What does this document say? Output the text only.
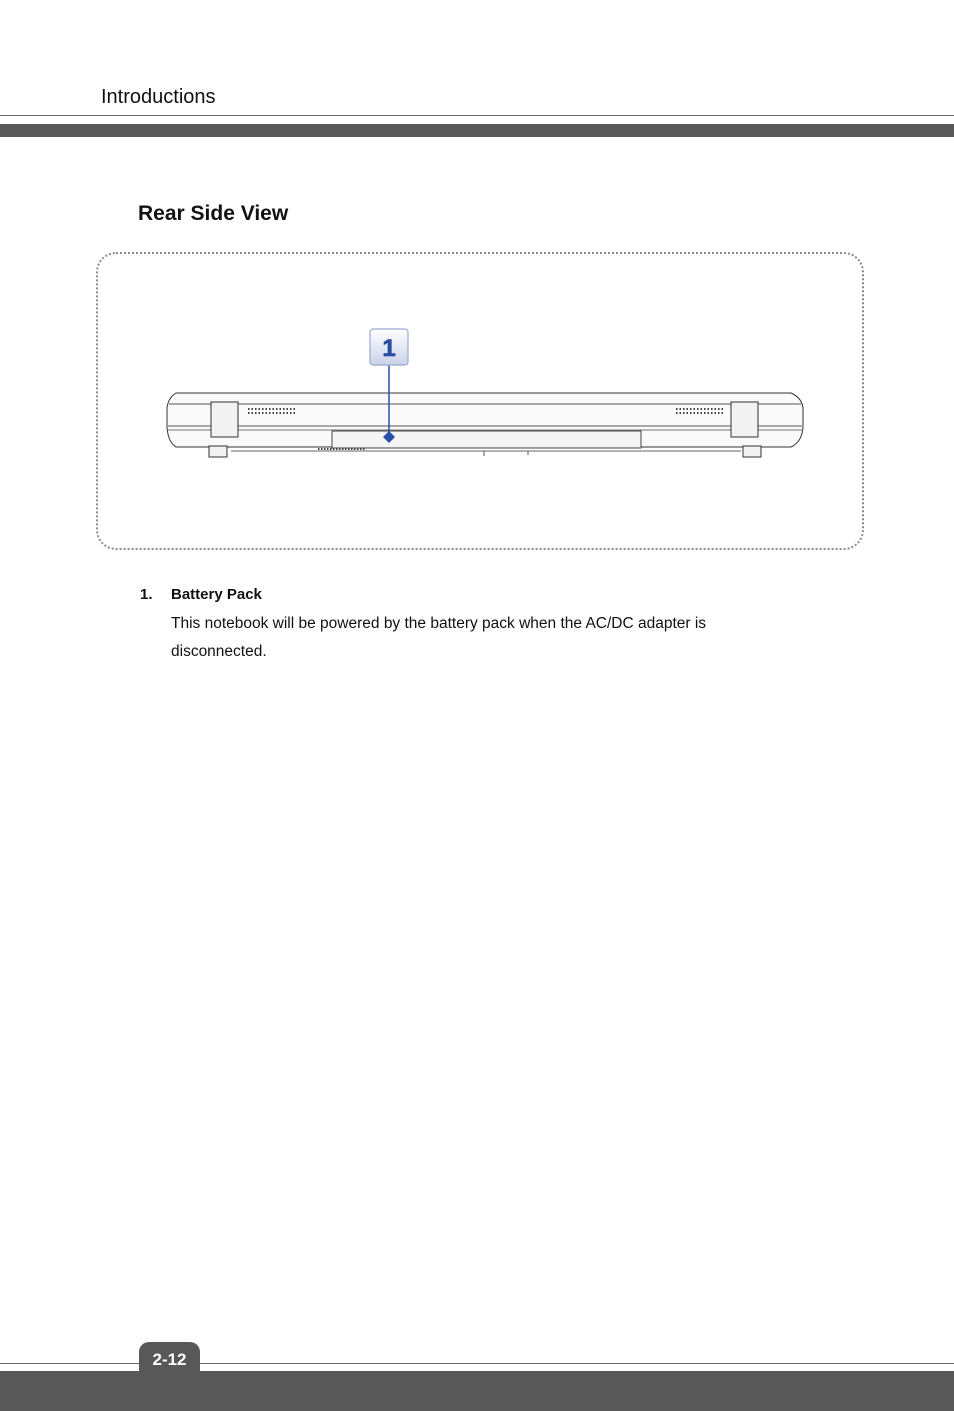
Introductions
Rear Side View
1
1. Battery Pack
This notebook will be powered by the battery pack when the AC/DC adapter is disconnected.
2-12
